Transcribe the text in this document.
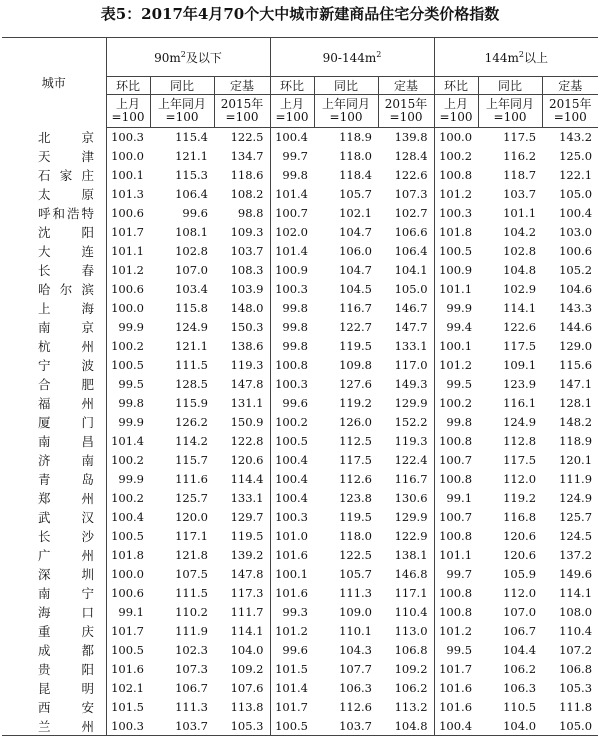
表5：2017年4月70个大中城市新建商品住宅分类价格指数
城市	$90m^2$及以下			$90-144m^2$			$144m^2$以上		
	环比	同比	定基	环比	同比	定基	环比	同比	定基
	上月=100	上年同月=100	2015年=100	上月=100	上年同月=100	2015年=100	上月=100	上年同月=100	2015年=100
北京	100.3	115.4	122.5	100.4	118.9	139.8	100.0	117.5	143.2
天津	100.0	121.1	134.7	99.7	118.0	128.4	100.2	116.2	125.0
石家庄	100.1	115.3	118.6	99.8	118.4	122.6	100.8	118.7	122.1
太原	101.3	106.4	108.2	101.4	105.7	107.3	101.2	103.7	105.0
呼和浩特	100.6	99.6	98.8	100.7	102.1	102.7	100.3	101.1	100.4
沈阳	101.7	108.1	109.3	102.0	104.7	106.6	101.8	104.2	103.0
大连	101.1	102.8	103.7	101.4	106.0	106.4	100.5	102.8	100.6
长春	101.2	107.0	108.3	100.9	104.7	104.1	100.9	104.8	105.2
哈尔滨	100.6	103.4	103.9	100.3	104.5	105.0	101.1	102.9	104.6
上海	100.0	115.8	148.0	99.8	116.7	146.7	99.9	114.1	143.3
南京	99.9	124.9	150.3	99.8	122.7	147.7	99.4	122.6	144.6
杭州	100.2	121.1	138.6	99.8	119.5	133.1	100.1	117.5	129.0
宁波	100.5	111.5	119.3	100.8	109.8	117.0	101.2	109.1	115.6
合肥	99.5	128.5	147.8	100.3	127.6	149.3	99.5	123.9	147.1
福州	99.8	115.9	131.1	99.6	119.2	129.9	100.2	116.1	128.1
厦门	99.9	126.2	150.9	100.2	126.0	152.2	99.8	124.9	148.2
南昌	101.4	114.2	122.8	100.5	112.5	119.3	100.8	112.8	118.9
济南	100.2	115.7	120.6	100.4	117.5	122.4	100.7	117.5	120.1
青岛	99.9	111.6	114.4	100.4	112.6	116.7	100.8	112.0	111.9
郑州	100.2	125.7	133.1	100.4	123.8	130.6	99.1	119.2	124.9
武汉	100.4	120.0	129.7	100.3	119.5	129.9	100.7	116.8	125.7
长沙	100.5	117.1	119.5	101.0	118.0	122.9	100.8	120.6	124.5
广州	101.8	121.8	139.2	101.6	122.5	138.1	101.1	120.6	137.2
深圳	100.0	107.5	147.8	100.1	105.7	146.8	99.7	105.9	149.6
南宁	100.6	111.5	117.3	101.6	111.3	117.1	100.8	112.0	114.1
海口	99.1	110.2	111.7	99.3	109.0	110.4	100.8	107.0	108.0
重庆	101.7	111.9	114.1	101.2	110.1	113.0	101.2	106.7	110.4
成都	100.5	102.3	104.0	99.6	104.3	106.8	99.5	104.4	107.2
贵阳	101.6	107.3	109.2	101.5	107.7	109.2	101.7	106.2	106.8
昆明	102.1	106.7	107.6	101.4	106.3	106.2	101.6	106.3	105.3
西安	101.5	111.3	113.8	101.7	112.6	113.2	101.6	110.5	111.8
兰州	100.3	103.7	105.3	100.5	103.7	104.8	100.4	104.0	105.0
